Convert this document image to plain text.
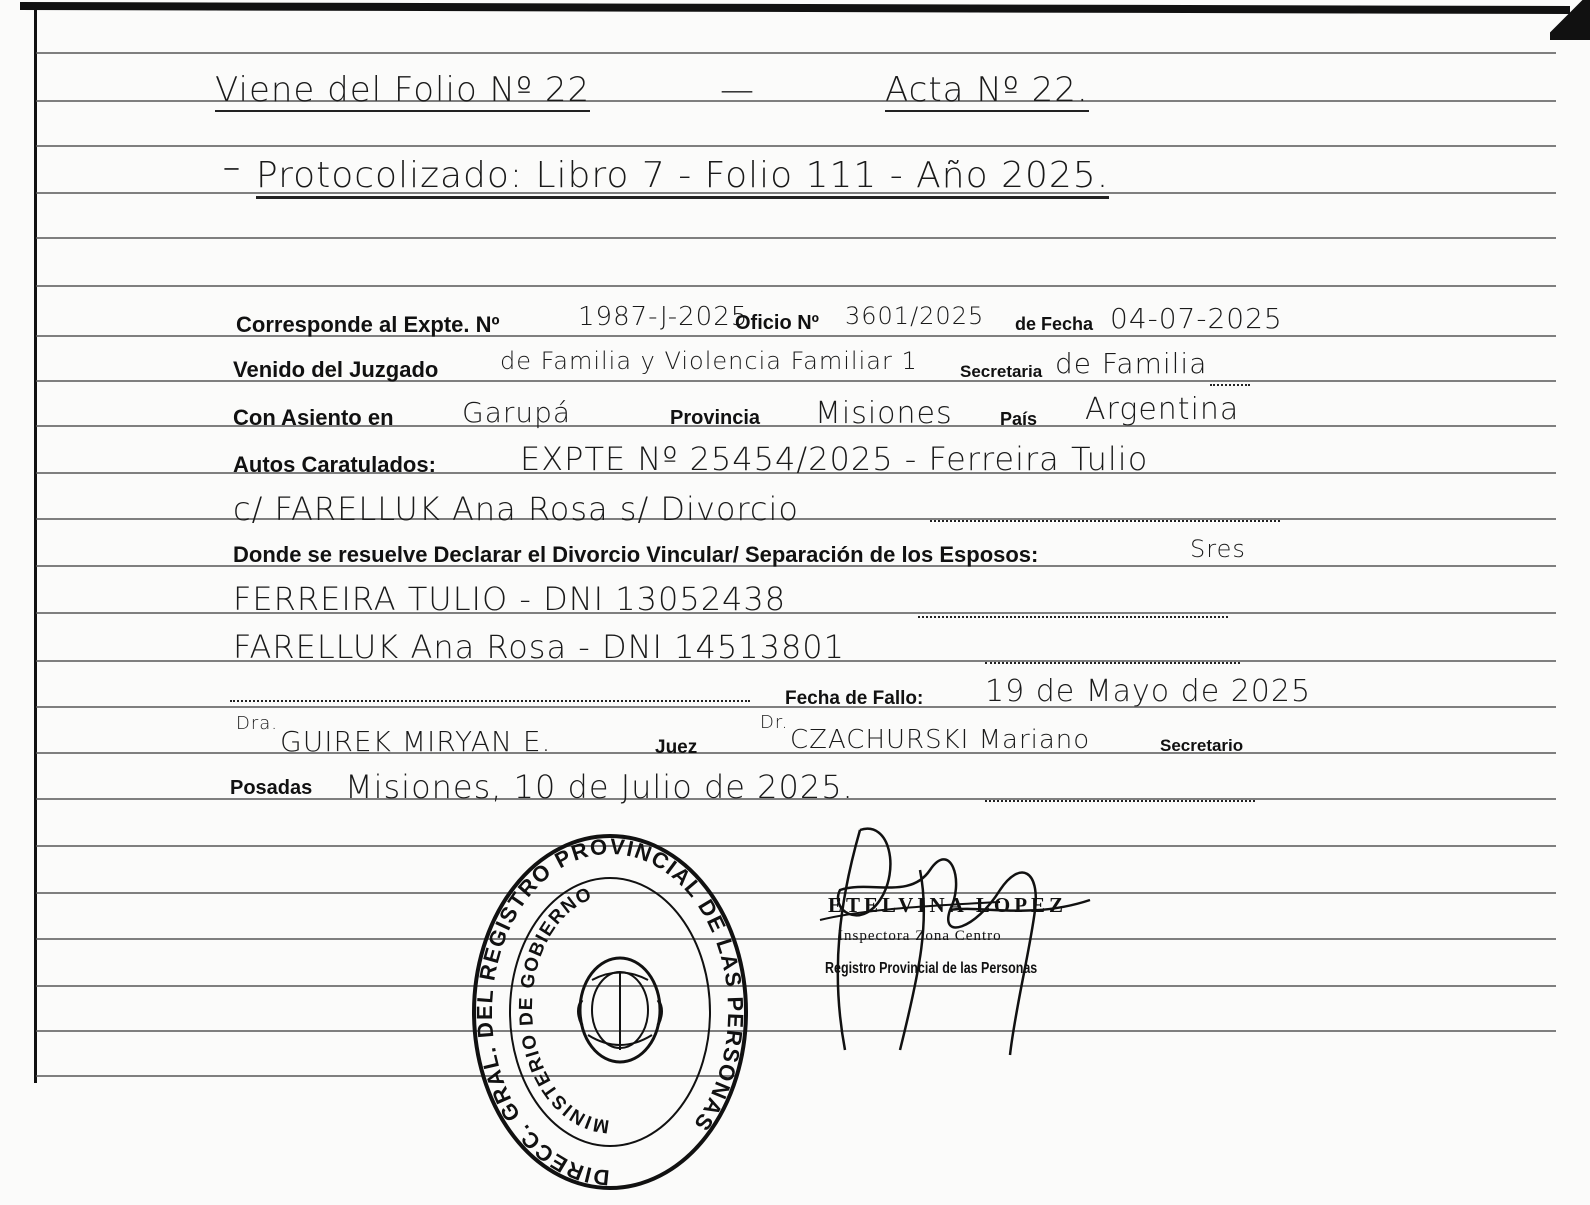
Viene del Folio Nº 22	—	Acta Nº 22.
⁻ Protocolizado: Libro 7 - Folio 111 - Año 2025.
Corresponde al Expte. Nº	1987-J-2025
Oficio Nº 3601/2025 de Fecha 04-07-2025
Venido del Juzgado	de Familia y Violencia Familiar 1 Secretaria de Familia
Con Asiento en Garupá	Provincia Misiones	País Argentina
Autos Caratulados:	EXPTE Nº 25454/2025 - Ferreira Tulio
c/ FARELLUK Ana Rosa s/ Divorcio
Donde se resuelve Declarar el Divorcio Vincular/ Separación de los Esposos:	Sres
FERREIRA TULIO - DNI 13052438
FARELLUK Ana Rosa - DNI 14513801
Fecha de Fallo: 19 de Mayo de 2025
Dra.
GUIREK MIRYAN E.	Juez
Dr.
CZACHURSKI Mariano	Secretario
Posadas Misiones, 10 de Julio de 2025.
DIRECC. GRAL. DEL REGISTRO PROVINCIAL DE LAS PERSONAS
MINISTERIO DE GOBIERNO	ETELVINA LOPEZ
Inspectora Zona Centro
Registro Provincial de las Personas
